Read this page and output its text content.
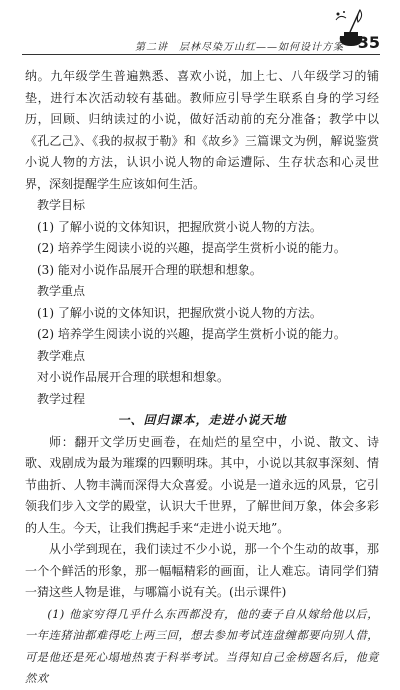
第二讲　层林尽染万山红——如何设计方案 35

纳。九年级学生普遍熟悉、喜欢小说，加上七、八年级学习的铺垫，进行本次活动较有基础。教师应引导学生联系自身的学习经历，回顾、归纳读过的小说，做好活动前的充分准备；教学中以《孔乙己》、《我的叔叔于勒》和《故乡》三篇课文为例，解说鉴赏小说人物的方法，认识小说人物的命运遭际、生存状态和心灵世界，深刻提醒学生应该如何生活。

教学目标

(1) 了解小说的文体知识，把握欣赏小说人物的方法。

(2) 培养学生阅读小说的兴趣，提高学生赏析小说的能力。

(3) 能对小说作品展开合理的联想和想象。

教学重点

(1) 了解小说的文体知识，把握欣赏小说人物的方法。

(2) 培养学生阅读小说的兴趣，提高学生赏析小说的能力。

教学难点

对小说作品展开合理的联想和想象。

教学过程

一、回归课本，走进小说天地

师：翻开文学历史画卷，在灿烂的星空中，小说、散文、诗歌、戏剧成为最为璀璨的四颗明珠。其中，小说以其叙事深刻、情节曲折、人物丰满而深得大众喜爱。小说是一道永远的风景，它引领我们步入文学的殿堂，认识大千世界，了解世间万象，体会多彩的人生。今天，让我们携起手来“走进小说天地”。

从小学到现在，我们读过不少小说，那一个个生动的故事，那一个个鲜活的形象，那一幅幅精彩的画面，让人难忘。请同学们猜一猜这些人物是谁，与哪篇小说有关。(出示课件)

(1) 他家穷得几乎什么东西都没有，他的妻子自从嫁给他以后，一年连猪油都难得吃上两三回，想去参加考试连盘缠都要向别人借，可是他还是死心塌地热衷于科举考试。当得知自己金榜题名后，他竟然欢
